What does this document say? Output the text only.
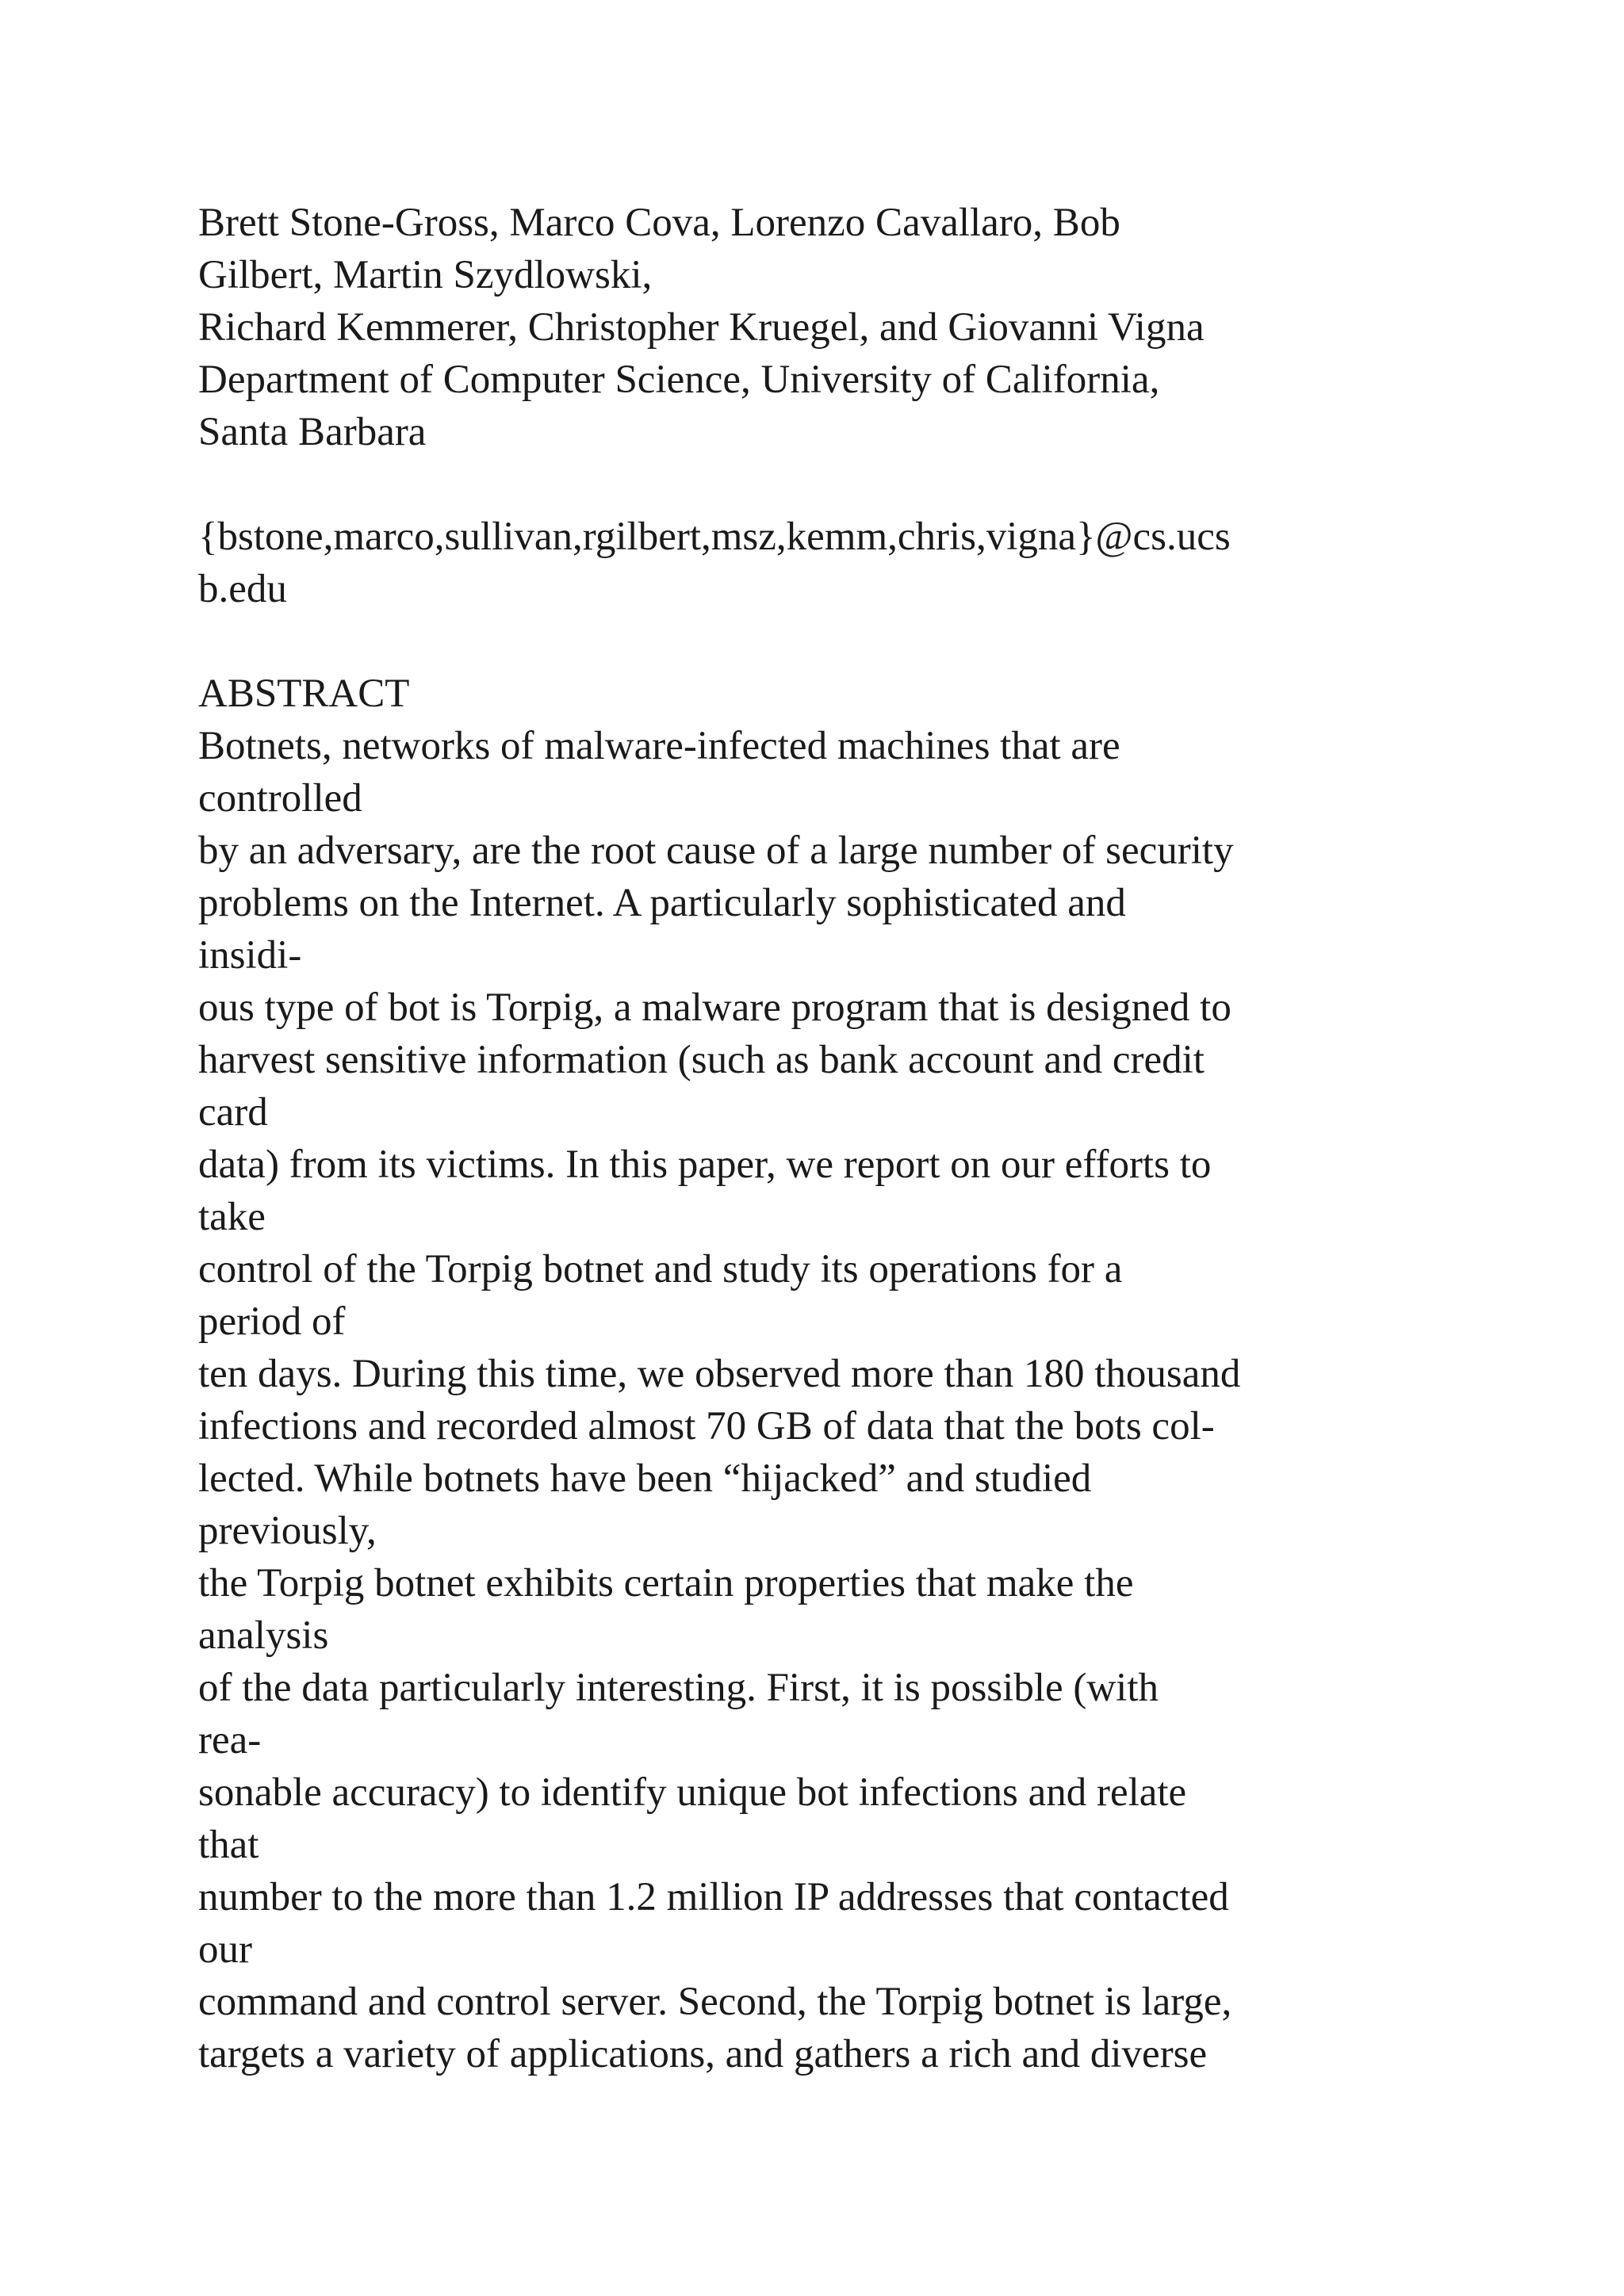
Brett Stone-Gross, Marco Cova, Lorenzo Cavallaro, Bob
Gilbert, Martin Szydlowski,
Richard Kemmerer, Christopher Kruegel, and Giovanni Vigna
Department of Computer Science, University of California,
Santa Barbara
{bstone,marco,sullivan,rgilbert,msz,kemm,chris,vigna}@cs.ucs
b.edu
ABSTRACT
Botnets, networks of malware-infected machines that are
controlled
by an adversary, are the root cause of a large number of security
problems on the Internet. A particularly sophisticated and
insidi-
ous type of bot is Torpig, a malware program that is designed to
harvest sensitive information (such as bank account and credit
card
data) from its victims. In this paper, we report on our efforts to
take
control of the Torpig botnet and study its operations for a
period of
ten days. During this time, we observed more than 180 thousand
infections and recorded almost 70 GB of data that the bots col-
lected. While botnets have been “hijacked” and studied
previously,
the Torpig botnet exhibits certain properties that make the
analysis
of the data particularly interesting. First, it is possible (with
rea-
sonable accuracy) to identify unique bot infections and relate
that
number to the more than 1.2 million IP addresses that contacted
our
command and control server. Second, the Torpig botnet is large,
targets a variety of applications, and gathers a rich and diverse
